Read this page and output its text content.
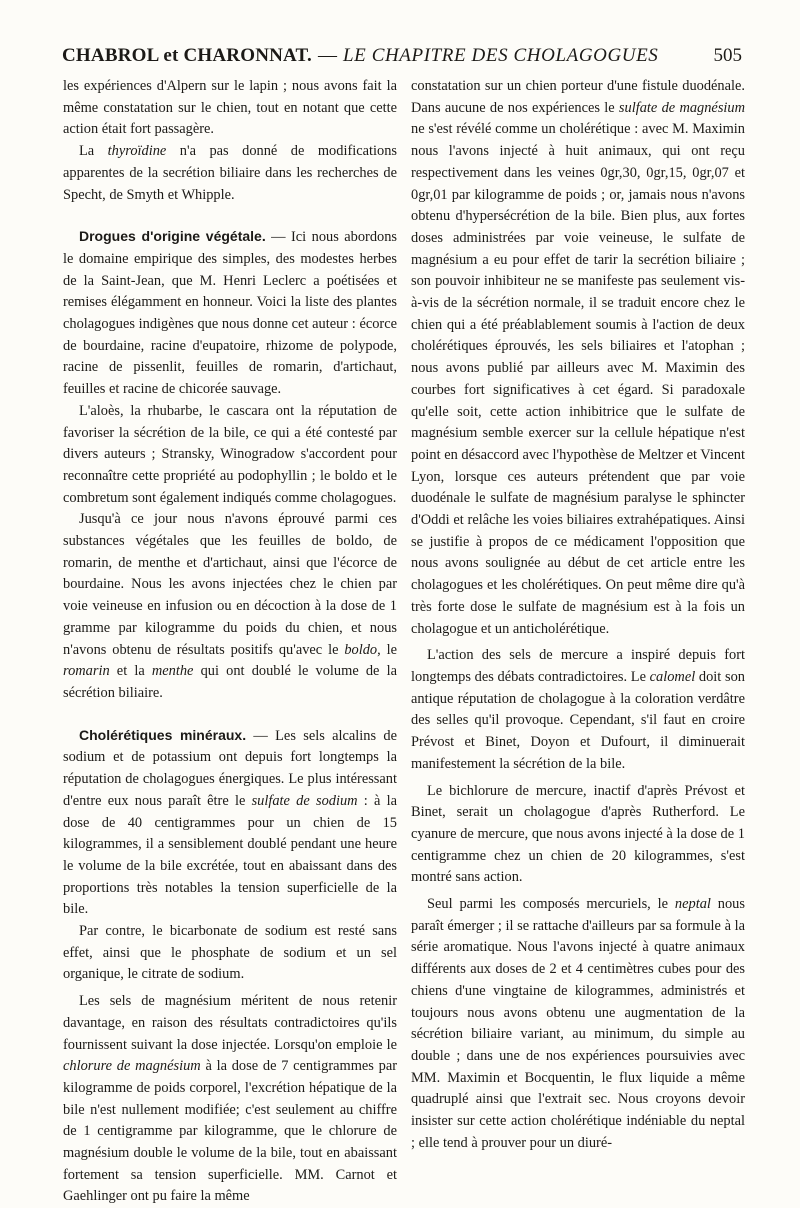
CHABROL et CHARONNAT. — LE CHAPITRE DES CHOLAGOGUES	505

les expériences d'Alpern sur le lapin ; nous avons fait la même constatation sur le chien, tout en notant que cette action était fort passagère.

La thyroïdine n'a pas donné de modifications apparentes de la secrétion biliaire dans les recherches de Specht, de Smyth et Whipple.

Drogues d'origine végétale. — Ici nous abordons le domaine empirique des simples, des modestes herbes de la Saint-Jean, que M. Henri Leclerc a poétisées et remises élégamment en honneur. Voici la liste des plantes cholagogues indigènes que nous donne cet auteur : écorce de bourdaine, racine d'eupatoire, rhizome de polypode, racine de pissenlit, feuilles de romarin, d'artichaut, feuilles et racine de chicorée sauvage.

L'aloès, la rhubarbe, le cascara ont la réputation de favoriser la sécrétion de la bile, ce qui a été contesté par divers auteurs ; Stransky, Winogradow s'accordent pour reconnaître cette propriété au podophyllin ; le boldo et le combretum sont également indiqués comme cholagogues.

Jusqu'à ce jour nous n'avons éprouvé parmi ces substances végétales que les feuilles de boldo, de romarin, de menthe et d'artichaut, ainsi que l'écorce de bourdaine. Nous les avons injectées chez le chien par voie veineuse en infusion ou en décoction à la dose de 1 gramme par kilogramme du poids du chien, et nous n'avons obtenu de résultats positifs qu'avec le boldo, le romarin et la menthe qui ont doublé le volume de la sécrétion biliaire.

Cholérétiques minéraux. — Les sels alcalins de sodium et de potassium ont depuis fort longtemps la réputation de cholagogues énergiques. Le plus intéressant d'entre eux nous paraît être le sulfate de sodium : à la dose de 40 centigrammes pour un chien de 15 kilogrammes, il a sensiblement doublé pendant une heure le volume de la bile excrétée, tout en abaissant dans des proportions très notables la tension superficielle de la bile.

Par contre, le bicarbonate de sodium est resté sans effet, ainsi que le phosphate de sodium et un sel organique, le citrate de sodium.

Les sels de magnésium méritent de nous retenir davantage, en raison des résultats contradictoires qu'ils fournissent suivant la dose injectée. Lorsqu'on emploie le chlorure de magnésium à la dose de 7 centigrammes par kilogramme de poids corporel, l'excrétion hépatique de la bile n'est nullement modifiée; c'est seulement au chiffre de 1 centigramme par kilogramme, que le chlorure de magnésium double le volume de la bile, tout en abaissant fortement sa tension superficielle. MM. Carnot et Gaehlinger ont pu faire la même

constatation sur un chien porteur d'une fistule duodénale. Dans aucune de nos expériences le sulfate de magnésium ne s'est révélé comme un cholérétique : avec M. Maximin nous l'avons injecté à huit animaux, qui ont reçu respectivement dans les veines 0gr,30, 0gr,15, 0gr,07 et 0gr,01 par kilogramme de poids ; or, jamais nous n'avons obtenu d'hypersécrétion de la bile. Bien plus, aux fortes doses administrées par voie veineuse, le sulfate de magnésium a eu pour effet de tarir la secrétion biliaire ; son pouvoir inhibiteur ne se manifeste pas seulement vis-à-vis de la sécrétion normale, il se traduit encore chez le chien qui a été préablablement soumis à l'action de deux cholérétiques éprouvés, les sels biliaires et l'atophan ; nous avons publié par ailleurs avec M. Maximin des courbes fort significatives à cet égard. Si paradoxale qu'elle soit, cette action inhibitrice que le sulfate de magnésium semble exercer sur la cellule hépatique n'est point en désaccord avec l'hypothèse de Meltzer et Vincent Lyon, lorsque ces auteurs prétendent que par voie duodénale le sulfate de magnésium paralyse le sphincter d'Oddi et relâche les voies biliaires extrahépatiques. Ainsi se justifie à propos de ce médicament l'opposition que nous avons soulignée au début de cet article entre les cholagogues et les cholérétiques. On peut même dire qu'à très forte dose le sulfate de magnésium est à la fois un cholagogue et un anticholérétique.

L'action des sels de mercure a inspiré depuis fort longtemps des débats contradictoires. Le calomel doit son antique réputation de cholagogue à la coloration verdâtre des selles qu'il provoque. Cependant, s'il faut en croire Prévost et Binet, Doyon et Dufourt, il diminuerait manifestement la sécrétion de la bile.

Le bichlorure de mercure, inactif d'après Prévost et Binet, serait un cholagogue d'après Rutherford. Le cyanure de mercure, que nous avons injecté à la dose de 1 centigramme chez un chien de 20 kilogrammes, s'est montré sans action.

Seul parmi les composés mercuriels, le neptal nous paraît émerger ; il se rattache d'ailleurs par sa formule à la série aromatique. Nous l'avons injecté à quatre animaux différents aux doses de 2 et 4 centimètres cubes pour des chiens d'une vingtaine de kilogrammes, administrés et toujours nous avons obtenu une augmentation de la sécrétion biliaire variant, au minimum, du simple au double ; dans une de nos expériences poursuivies avec MM. Maximin et Bocquentin, le flux liquide a même quadruplé ainsi que l'extrait sec. Nous croyons devoir insister sur cette action cholérétique indéniable du neptal ; elle tend à prouver pour un diuré-
